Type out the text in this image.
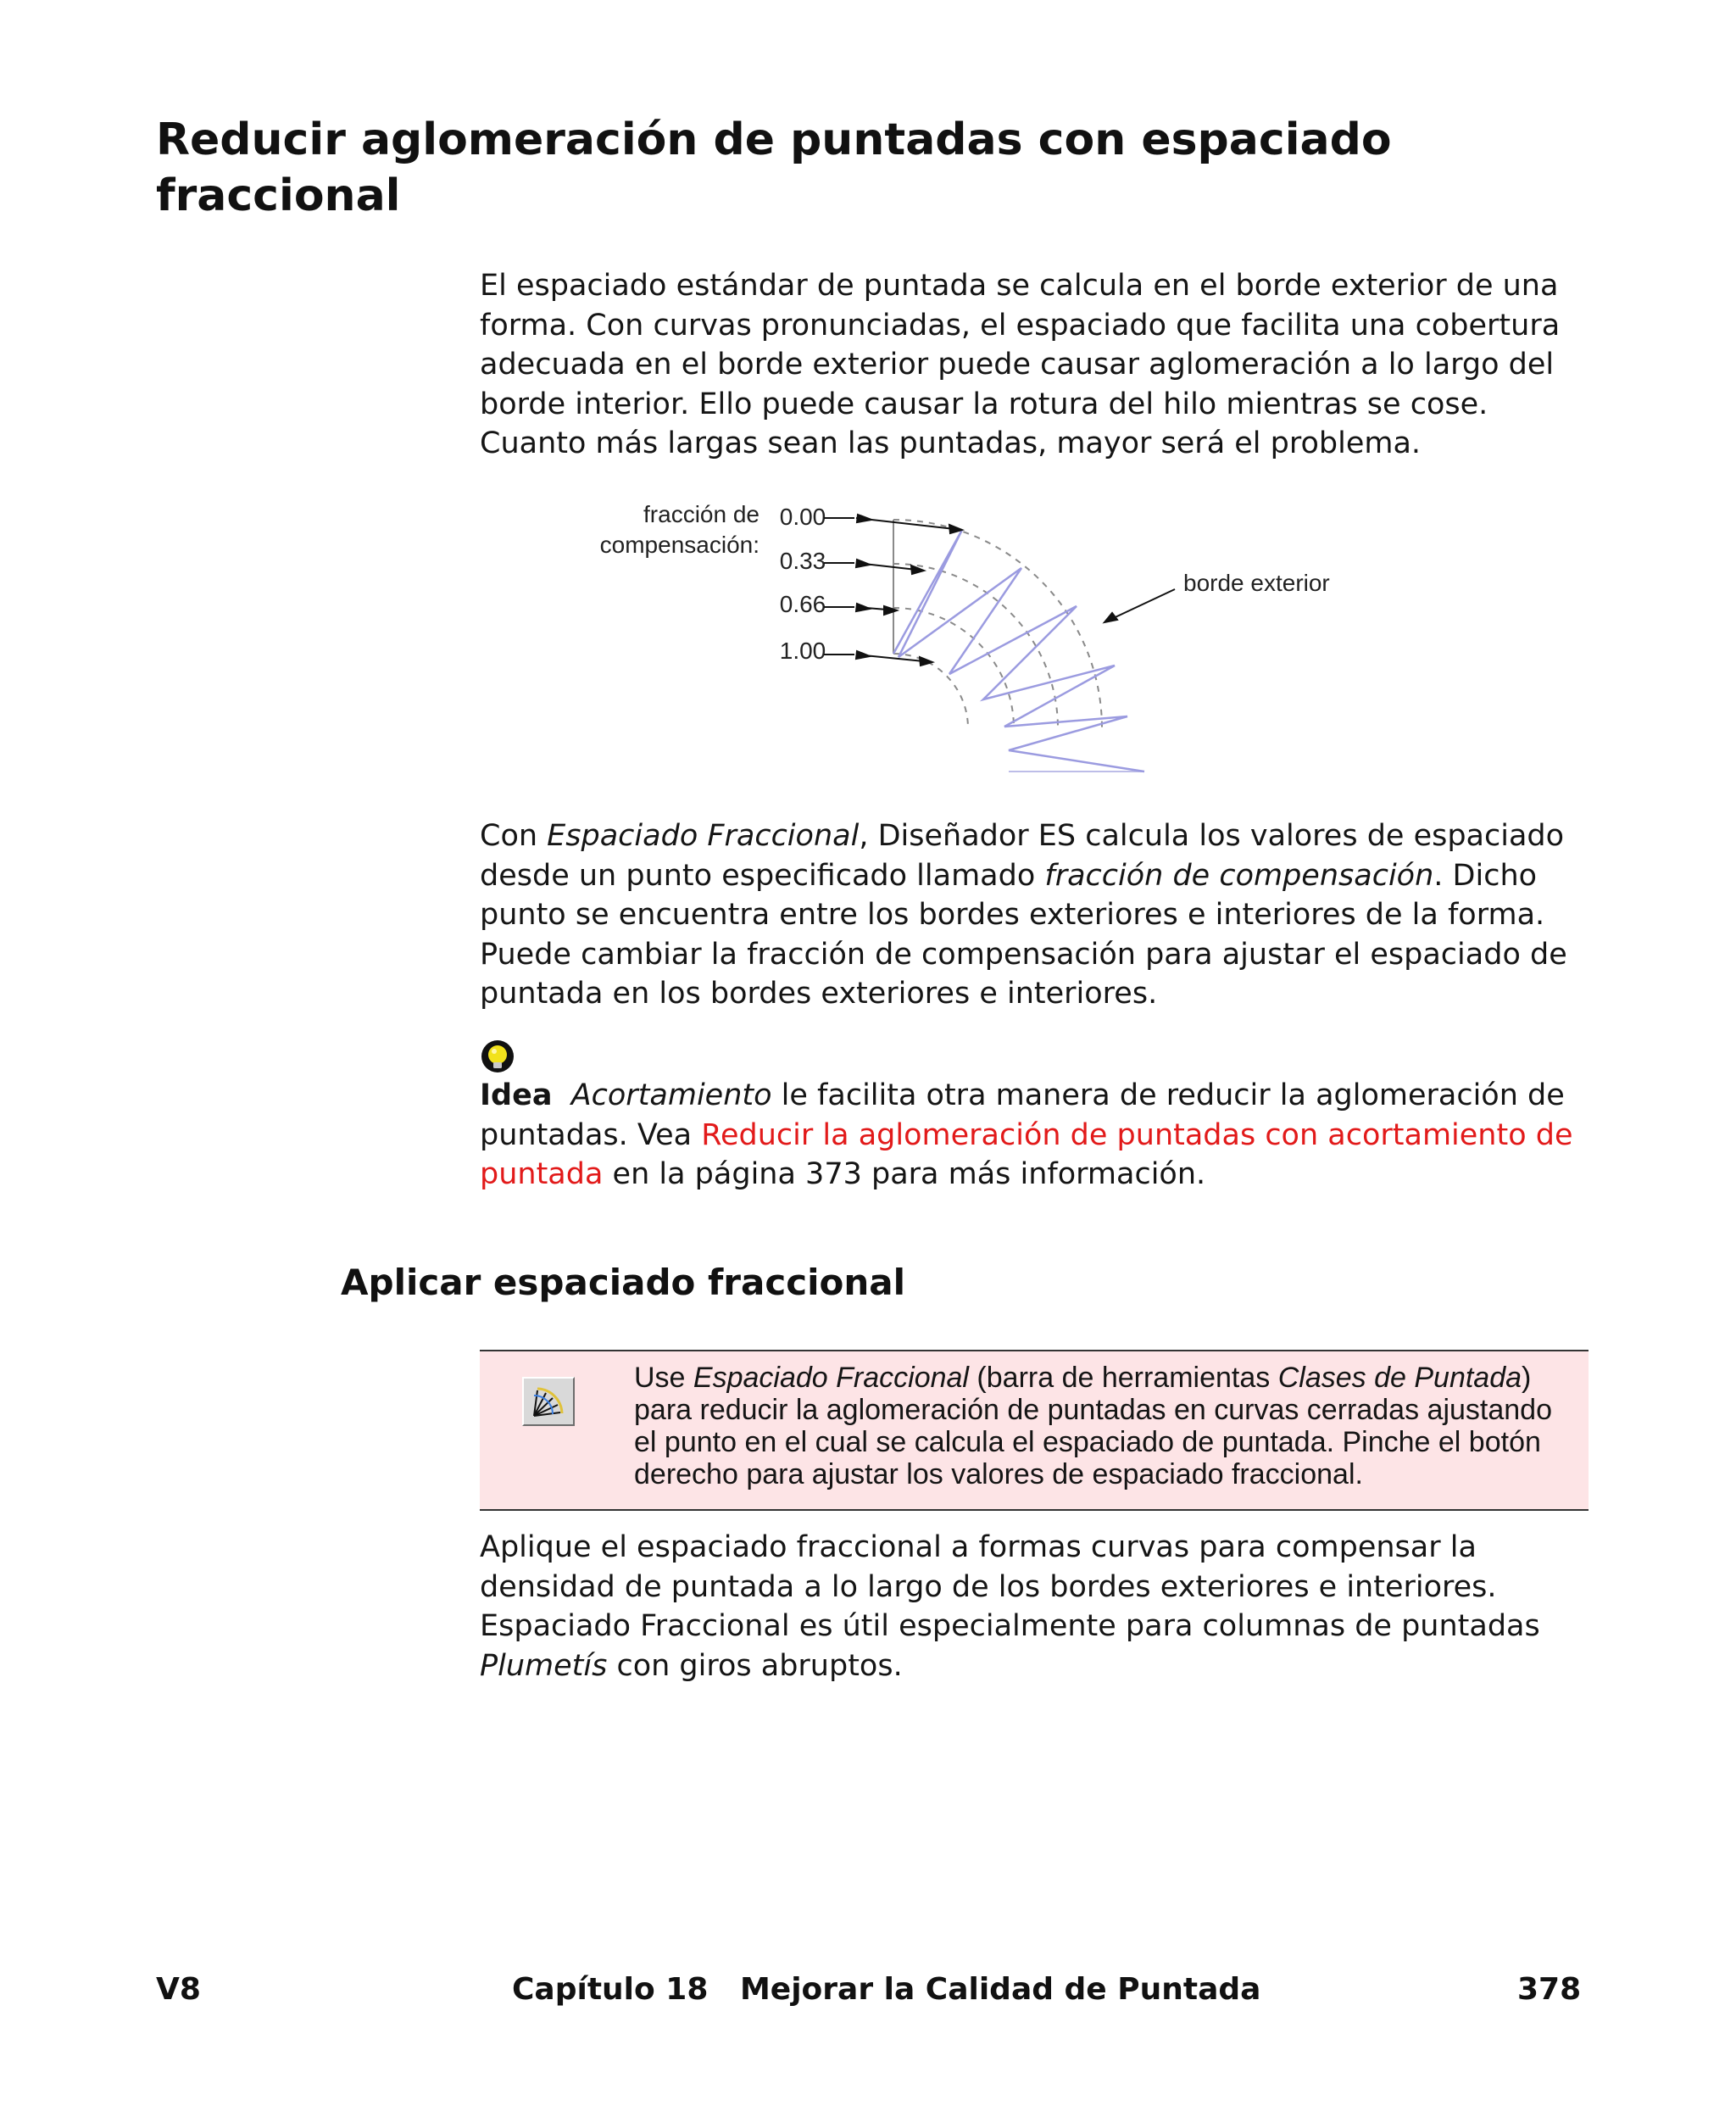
Reducir aglomeración de puntadas con espaciado fraccional

El espaciado estándar de puntada se calcula en el borde exterior de una forma. Con curvas pronunciadas, el espaciado que facilita una cobertura adecuada en el borde exterior puede causar aglomeración a lo largo del borde interior. Ello puede causar la rotura del hilo mientras se cose. Cuanto más largas sean las puntadas, mayor será el problema.

fracción de
compensación:
0.00
0.33
0.66
1.00
borde exterior

Con Espaciado Fraccional, Diseñador ES calcula los valores de espaciado desde un punto especificado llamado fracción de compensación. Dicho punto se encuentra entre los bordes exteriores e interiores de la forma. Puede cambiar la fracción de compensación para ajustar el espaciado de puntada en los bordes exteriores e interiores.

Idea Acortamiento le facilita otra manera de reducir la aglomeración de puntadas. Vea Reducir la aglomeración de puntadas con acortamiento de puntada en la página 373 para más información.

Aplicar espaciado fraccional

Use Espaciado Fraccional (barra de herramientas Clases de Puntada) para reducir la aglomeración de puntadas en curvas cerradas ajustando el punto en el cual se calcula el espaciado de puntada. Pinche el botón derecho para ajustar los valores de espaciado fraccional.

Aplique el espaciado fraccional a formas curvas para compensar la densidad de puntada a lo largo de los bordes exteriores e interiores. Espaciado Fraccional es útil especialmente para columnas de puntadas Plumetís con giros abruptos.

V8	Capítulo 18   Mejorar la Calidad de Puntada	378
